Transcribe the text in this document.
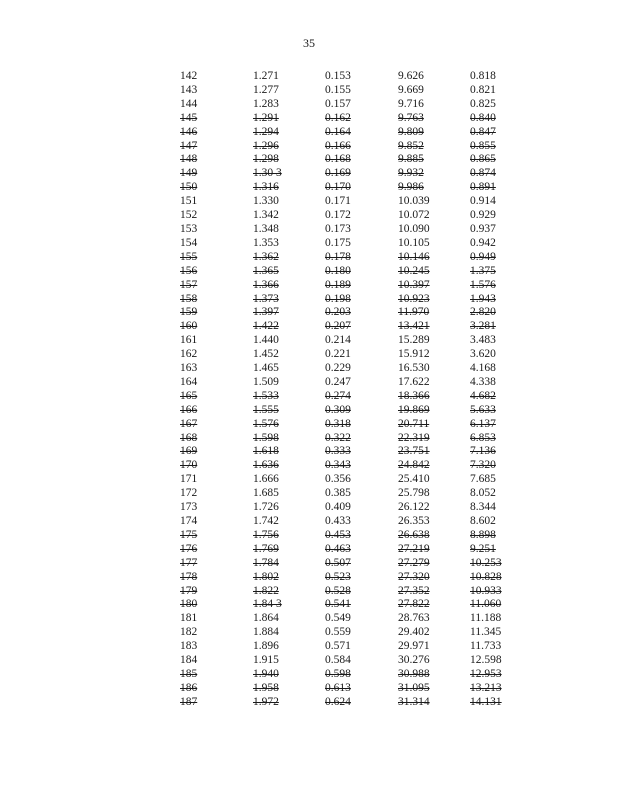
35
142	1.271	0.153	9.626	0.818
143	1.277	0.155	9.669	0.821
144	1.283	0.157	9.716	0.825
145	1.291	0.162	9.763	0.840
146	1.294	0.164	9.809	0.847
147	1.296	0.166	9.852	0.855
148	1.298	0.168	9.885	0.865
149	1.30 3	0.169	9.932	0.874
150	1.316	0.170	9.986	0.891
151	1.330	0.171	10.039	0.914
152	1.342	0.172	10.072	0.929
153	1.348	0.173	10.090	0.937
154	1.353	0.175	10.105	0.942
155	1.362	0.178	10.146	0.949
156	1.365	0.180	10.245	1.375
157	1.366	0.189	10.397	1.576
158	1.373	0.198	10.923	1.943
159	1.397	0.203	11.970	2.820
160	1.422	0.207	13.421	3.281
161	1.440	0.214	15.289	3.483
162	1.452	0.221	15.912	3.620
163	1.465	0.229	16.530	4.168
164	1.509	0.247	17.622	4.338
165	1.533	0.274	18.366	4.682
166	1.555	0.309	19.869	5.633
167	1.576	0.318	20.711	6.137
168	1.598	0.322	22.319	6.853
169	1.618	0.333	23.751	7.136
170	1.636	0.343	24.842	7.320
171	1.666	0.356	25.410	7.685
172	1.685	0.385	25.798	8.052
173	1.726	0.409	26.122	8.344
174	1.742	0.433	26.353	8.602
175	1.756	0.453	26.638	8.898
176	1.769	0.463	27.219	9.251
177	1.784	0.507	27.279	10.253
178	1.802	0.523	27.320	10.828
179	1.822	0.528	27.352	10.933
180	1.84 3	0.541	27.822	11.060
181	1.864	0.549	28.763	11.188
182	1.884	0.559	29.402	11.345
183	1.896	0.571	29.971	11.733
184	1.915	0.584	30.276	12.598
185	1.940	0.598	30.988	12.953
186	1.958	0.613	31.095	13.213
187	1.972	0.624	31.314	14.131
